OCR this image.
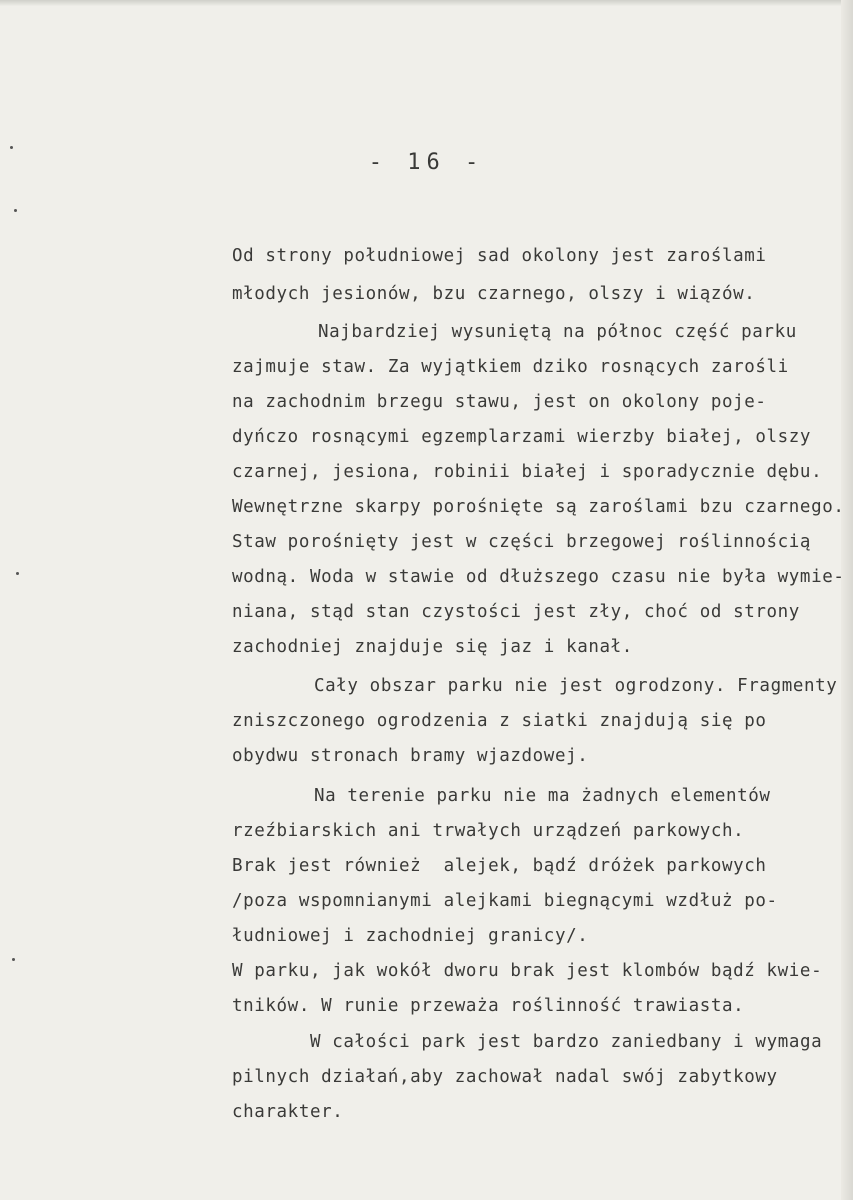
- 16 -
Od strony południowej sad okolony jest zaroślami
młodych jesionów, bzu czarnego, olszy i wiązów.
Najbardziej wysuniętą na północ część parku
zajmuje staw. Za wyjątkiem dziko rosnących zarośli
na zachodnim brzegu stawu, jest on okolony poje-
dyńczo rosnącymi egzemplarzami wierzby białej, olszy
czarnej, jesiona, robinii białej i sporadycznie dębu.
Wewnętrzne skarpy porośnięte są zaroślami bzu czarnego.
Staw porośnięty jest w części brzegowej roślinnością
wodną. Woda w stawie od dłuższego czasu nie była wymie-
niana, stąd stan czystości jest zły, choć od strony
zachodniej znajduje się jaz i kanał.
Cały obszar parku nie jest ogrodzony. Fragmenty
zniszczonego ogrodzenia z siatki znajdują się po
obydwu stronach bramy wjazdowej.
Na terenie parku nie ma żadnych elementów
rzeźbiarskich ani trwałych urządzeń parkowych.
Brak jest również  alejek, bądź dróżek parkowych
/poza wspomnianymi alejkami biegnącymi wzdłuż po-
łudniowej i zachodniej granicy/.
W parku, jak wokół dworu brak jest klombów bądź kwie-
tników. W runie przeważa roślinność trawiasta.
W całości park jest bardzo zaniedbany i wymaga
pilnych działań,aby zachował nadal swój zabytkowy
charakter.
